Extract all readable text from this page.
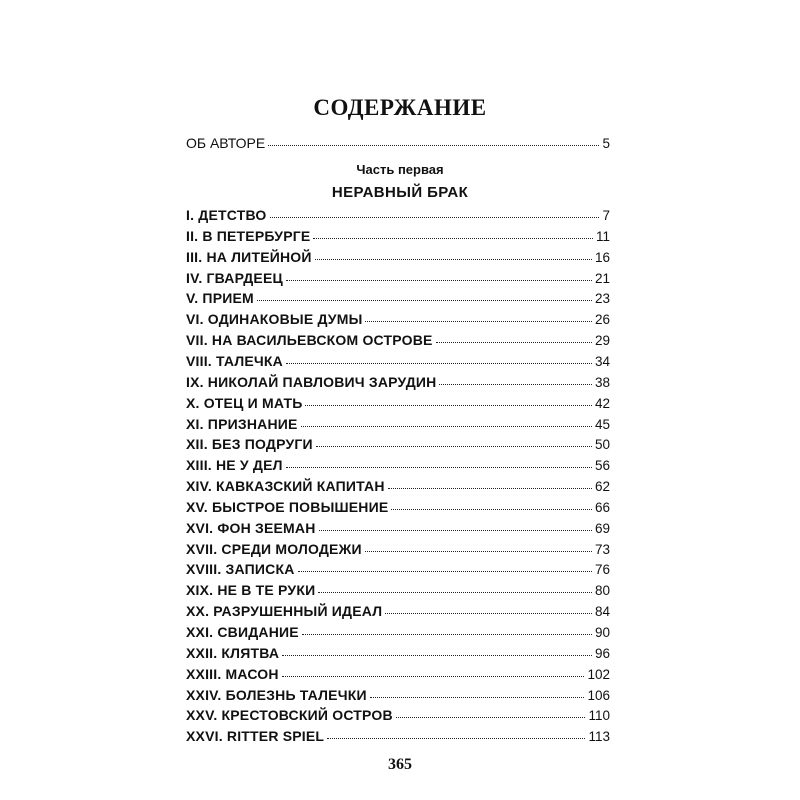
СОДЕРЖАНИЕ
ОБ АВТОРЕ	5
Часть первая
НЕРАВНЫЙ БРАК
I. ДЕТСТВО	7
II. В ПЕТЕРБУРГЕ	11
III. НА ЛИТЕЙНОЙ	16
IV. ГВАРДЕЕЦ	21
V. ПРИЕМ	23
VI. ОДИНАКОВЫЕ ДУМЫ	26
VII. НА ВАСИЛЬЕВСКОМ ОСТРОВЕ	29
VIII. ТАЛЕЧКА	34
IX. НИКОЛАЙ ПАВЛОВИЧ ЗАРУДИН	38
X. ОТЕЦ И МАТЬ	42
XI. ПРИЗНАНИЕ	45
XII. БЕЗ ПОДРУГИ	50
XIII. НЕ У ДЕЛ	56
XIV. КАВКАЗСКИЙ КАПИТАН	62
XV. БЫСТРОЕ ПОВЫШЕНИЕ	66
XVI. ФОН ЗЕЕМАН	69
XVII. СРЕДИ МОЛОДЕЖИ	73
XVIII. ЗАПИСКА	76
XIX. НЕ В ТЕ РУКИ	80
XX. РАЗРУШЕННЫЙ ИДЕАЛ	84
XXI. СВИДАНИЕ	90
XXII. КЛЯТВА	96
XXIII. МАСОН	102
XXIV. БОЛЕЗНЬ ТАЛЕЧКИ	106
XXV. КРЕСТОВСКИЙ ОСТРОВ	110
XXVI. RITTER SPIEL	113
365
